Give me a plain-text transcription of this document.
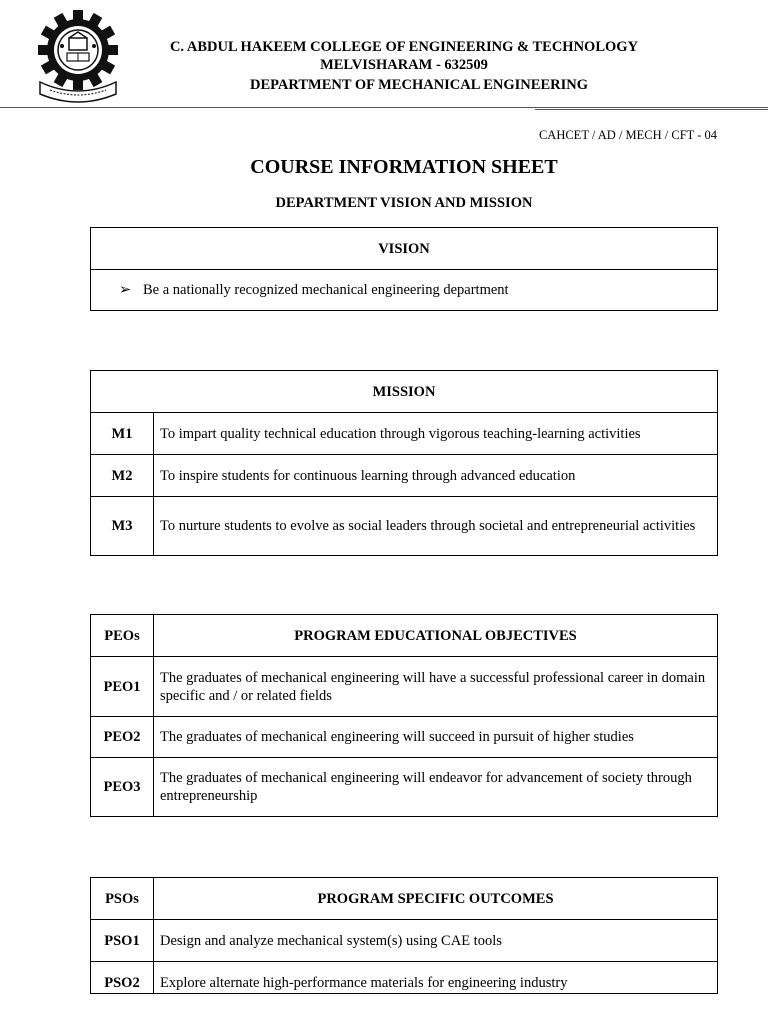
C. ABDUL HAKEEM COLLEGE OF ENGINEERING & TECHNOLOGY
MELVISHARAM - 632509
DEPARTMENT OF MECHANICAL ENGINEERING
CAHCET / AD / MECH / CFT - 04
COURSE INFORMATION SHEET
DEPARTMENT VISION AND MISSION
VISION
➢ Be a nationally recognized mechanical engineering department
MISSION	
M1	To impart quality technical education through vigorous teaching-learning activities
M2	To inspire students for continuous learning through advanced education
M3	To nurture students to evolve as social leaders through societal and entrepreneurial activities
PEOs	PROGRAM EDUCATIONAL OBJECTIVES
PEO1	The graduates of mechanical engineering will have a successful professional career in domain specific and / or related fields
PEO2	The graduates of mechanical engineering will succeed in pursuit of higher studies
PEO3	The graduates of mechanical engineering will endeavor for advancement of society through entrepreneurship
PSOs	PROGRAM SPECIFIC OUTCOMES
PSO1	Design and analyze mechanical system(s) using CAE tools
PSO2	Explore alternate high-performance materials for engineering industry
